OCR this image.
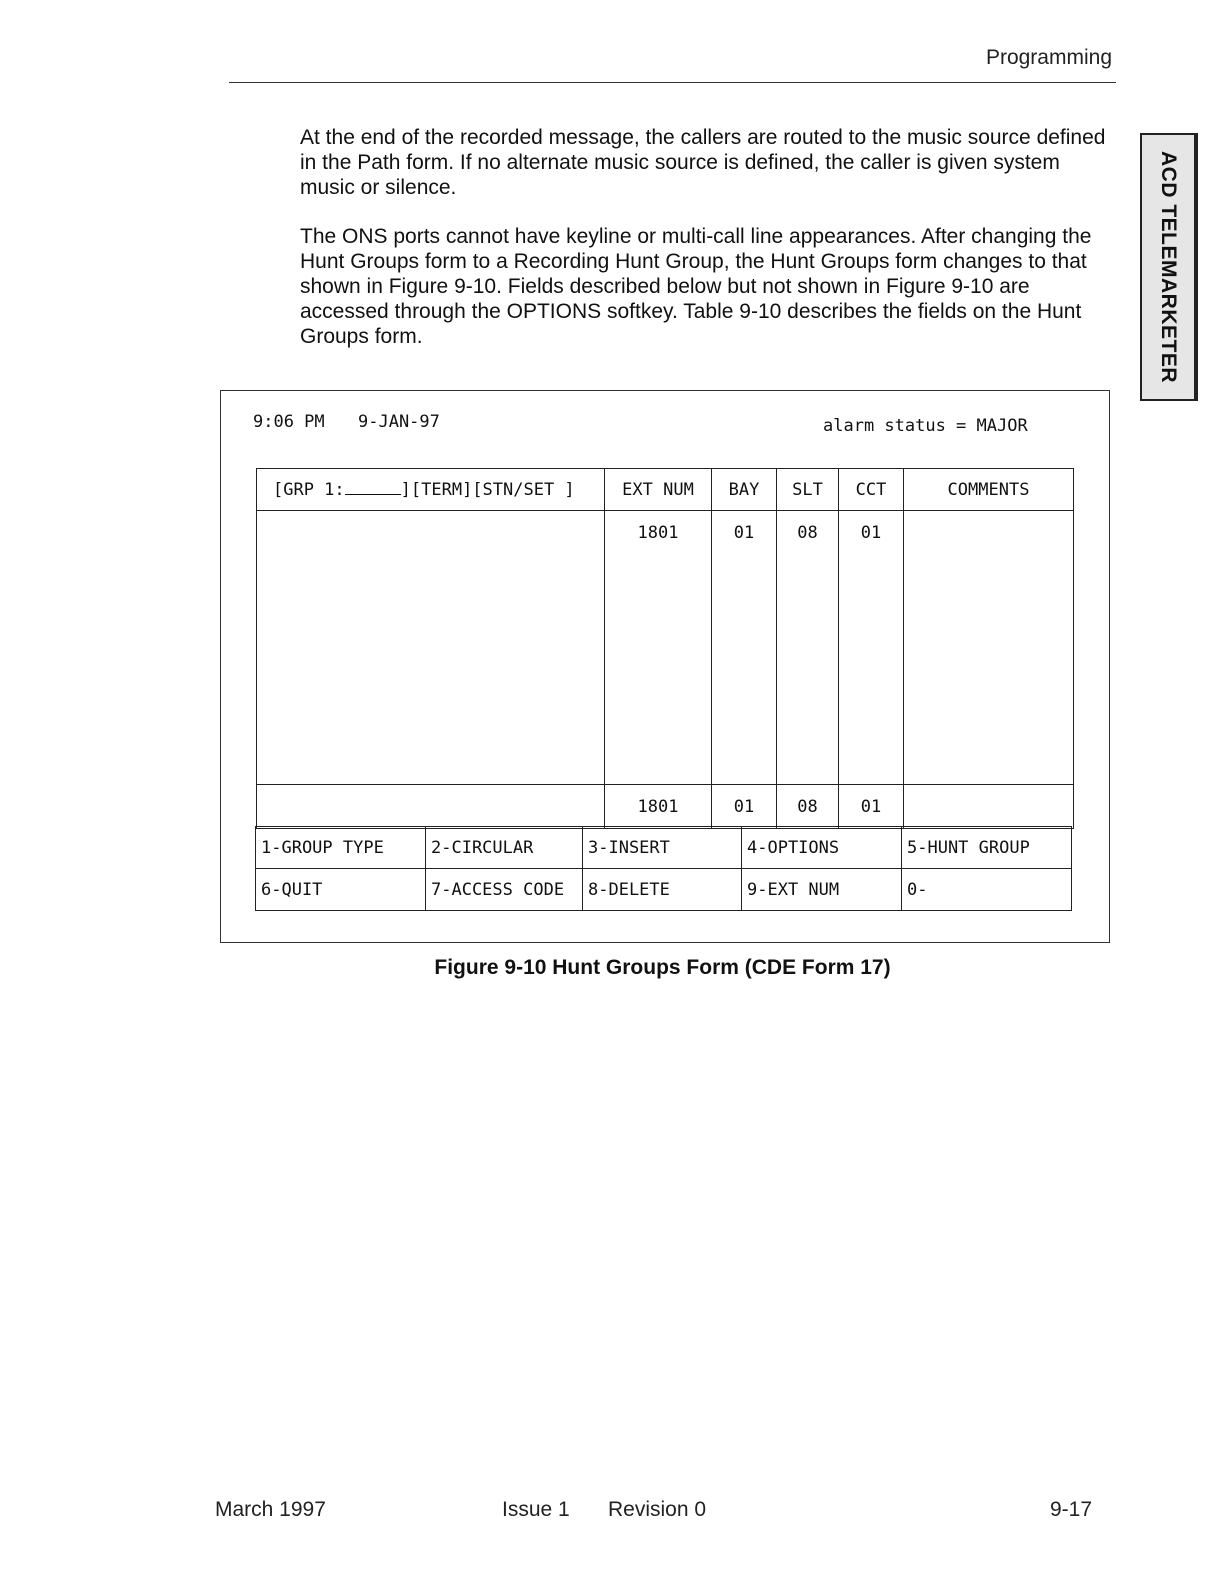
Programming
At the end of the recorded message, the callers are routed to the music source defined in the Path form. If no alternate music source is defined, the caller is given system music or silence.
The ONS ports cannot have keyline or multi-call line appearances. After changing the Hunt Groups form to a Recording Hunt Group, the Hunt Groups form changes to that shown in Figure 9-10. Fields described below but not shown in Figure 9-10 are accessed through the OPTIONS softkey. Table 9-10 describes the fields on the Hunt Groups form.	ACD TELEMARKETER
9:06 PM 9-JAN-97	alarm status = MAJOR
[GRP 1: ][TERM][STN/SET ]	EXT NUM	BAY	SLT	CCT	COMMENTS
	1801	01	08	01	
	1801	01	08	01	
1-GROUP TYPE	2-CIRCULAR	3-INSERT	4-OPTIONS	5-HUNT GROUP
6-QUIT	7-ACCESS CODE	8-DELETE	9-EXT NUM	0-
Figure 9-10 Hunt Groups Form (CDE Form 17)
March 1997	Issue 1 Revision 0	9-17
